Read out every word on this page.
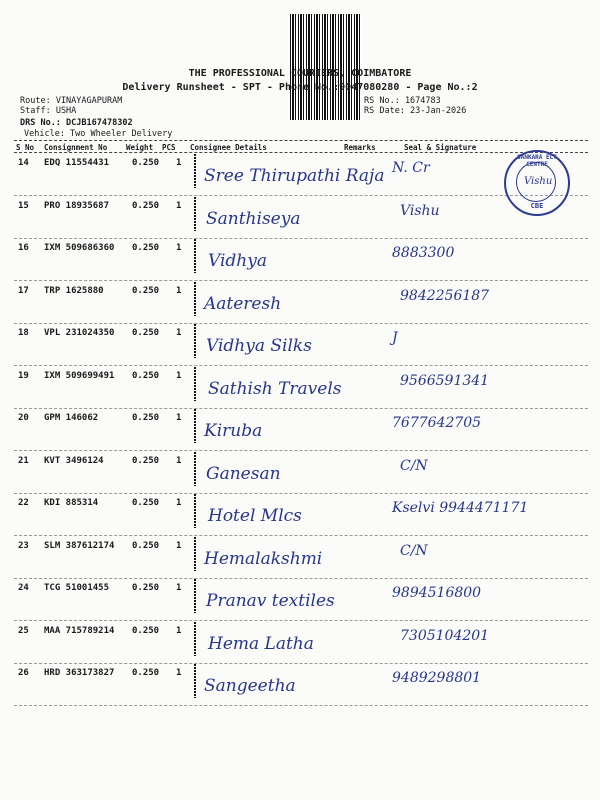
THE PROFESSIONAL COURIERS, COIMBATORE
Delivery Runsheet - SPT - Phone No.:9047080280 - Page No.:2
Route: VINAYAGAPURAM
Staff: USHA
DRS No.: DCJB167478302
Vehicle: Two Wheeler Delivery
RS No.: 1674783
RS Date: 23-Jan-2026
S No Consignment No	Weight PCS Consignee Details	Remarks	Seal & Signature
14 EDQ 11554431	0.250 1
Sree Thirupathi Raja N. Cr
15 PRO 18935687	0.250 1
Santhiseya	Vishu
16 IXM 509686360 0.250 1
Vidhya	8883300
17 TRP 1625880	0.250 1
Aateresh	9842256187
18 VPL 231024350 0.250 1
Vidhya Silks	J
19 IXM 509699491 0.250 1
Sathish Travels	9566591341
20 GPM 146062	0.250 1
Kiruba	7677642705
21 KVT 3496124	0.250 1
Ganesan	C/N
22 KDI 885314	0.250 1
Hotel Mlcs	Kselvi 9944471171
23 SLM 387612174 0.250 1
Hemalakshmi	C/N
24 TCG 51001455	0.250 1
Pranav textiles	9894516800
25 MAA 715789214 0.250 1
Hema Latha	7305104201
26 HRD 363173827 0.250 1
Sangeetha	9489298801
SANKARA ELT CENTRE
Vishu
CBE
